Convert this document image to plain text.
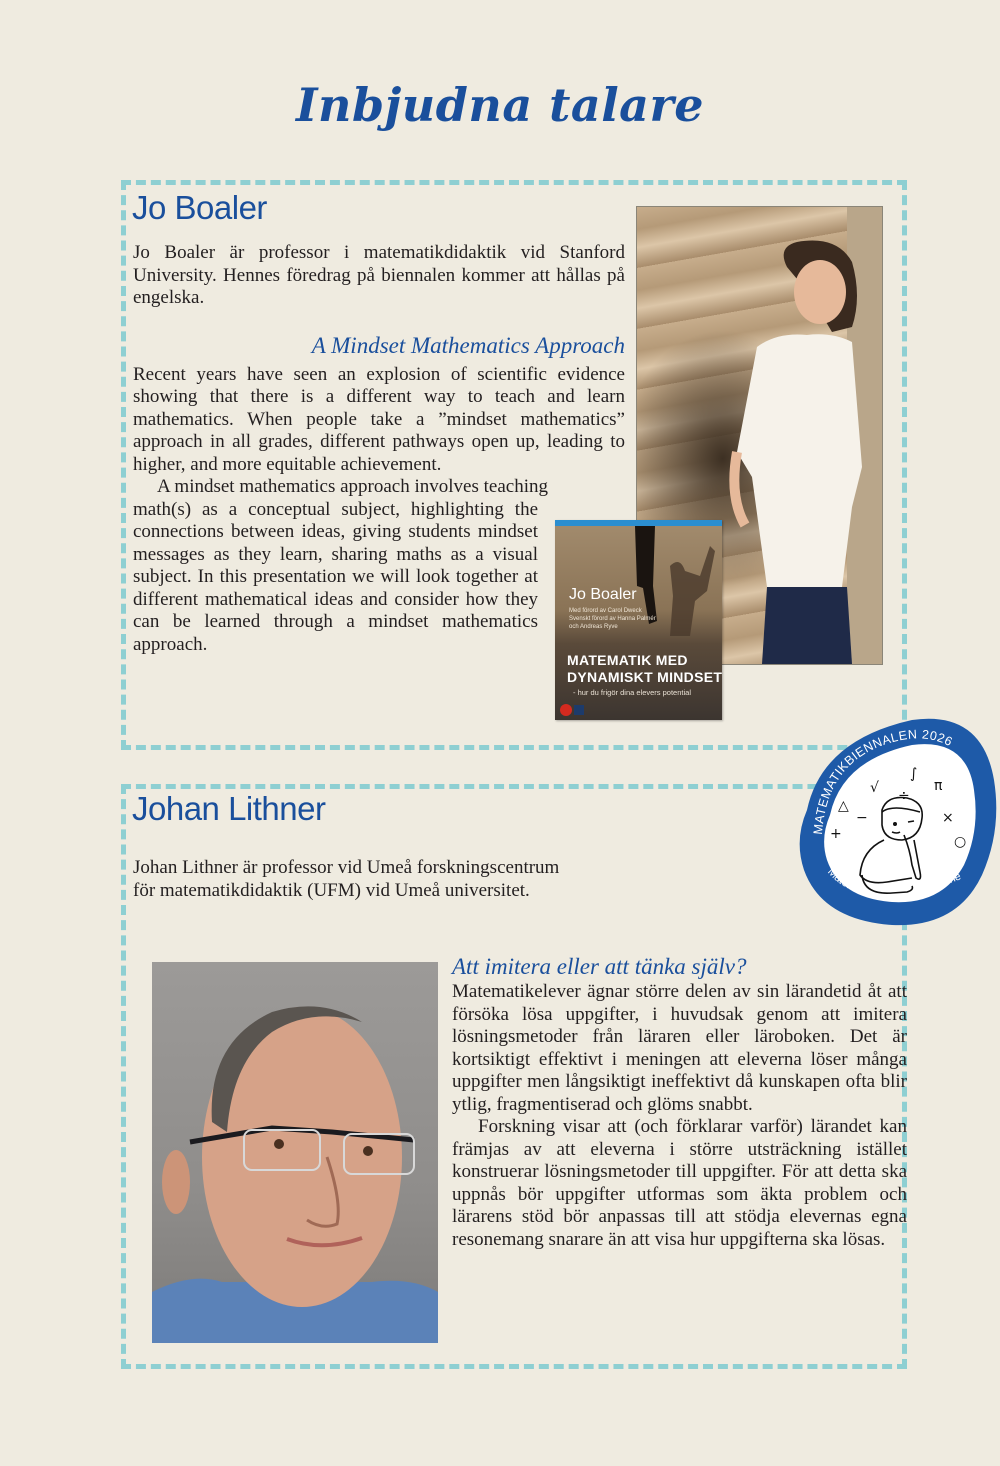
Inbjudna talare
Jo Boaler

Jo Boaler är professor i matematikdidaktik vid Stanford University. Hennes föredrag på biennalen kommer att hållas på engelska.

A Mindset Mathematics Approach

Recent years have seen an explosion of scientific evidence showing that there is a different way to teach and learn mathematics. When people take a ”mindset mathematics” approach in all grades, different pathways open up, leading to higher, and more equitable achievement.

A mindset mathematics approach involves teaching

math(s) as a conceptual subject, highlighting the connections between ideas, giving students mindset messages as they learn, sharing maths as a visual subject. In this presentation we will look together at different mathematical ideas and consider how they can be learned through a mindset mathematics approach.

Jo Boaler
Med förord av Carol Dweck
Svenskt förord av Hanna Palmér
och Andreas Ryve
MATEMATIK MED
DYNAMISKT MINDSET
- hur du frigör dina elevers potential
Johan Lithner

Johan Lithner är professor vid Umeå forskningscentrum
för matematikdidaktik (UFM) vid Umeå universitet.

Att imitera eller att tänka själv?

Matematikelever ägnar större delen av sin lärandetid åt att försöka lösa uppgifter, i huvudsak genom att imitera lösningsmetoder från läraren eller läroboken. Det är kortsiktigt effektivt i meningen att eleverna löser många uppgifter men långsiktigt ineffektivt då kunskapen ofta blir ytlig, fragmentiserad och glöms snabbt.

Forskning visar att (och förklarar varför) lärandet kan främjas av att eleverna i större utsträckning istället konstruerar lösningsmetoder till uppgifter. För att detta ska uppnås bör uppgifter utformas som äkta problem och lärarens stöd bör anpassas till att stödja elevernas egna resonemang snarare än att visa hur uppgifterna ska lösas.

MATEMATIKBIENNALEN 2026
Matematik – ett samtalsämne
∫
√ ÷
π
△
−
+
×
○
